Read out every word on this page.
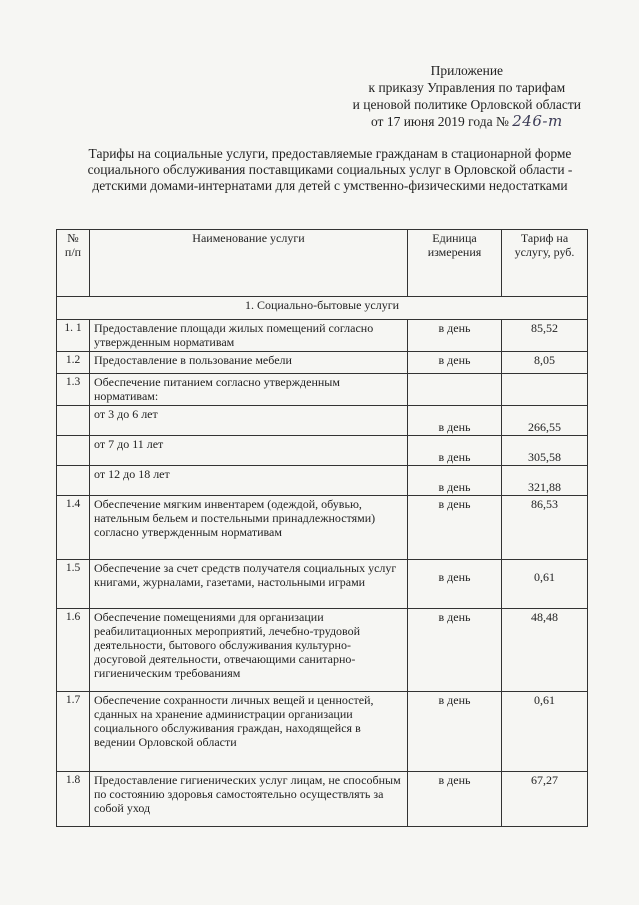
Приложение
к приказу Управления по тарифам
и ценовой политике Орловской области
от 17 июня 2019 года № 246-т
Тарифы на социальные услуги, предоставляемые гражданам в стационарной форме социального обслуживания поставщиками социальных услуг в Орловской области - детскими домами-интернатами для детей с умственно-физическими недостатками
№ п/п	Наименование услуги	Единица измерения	Тариф на услугу, руб.
1. Социально-бытовые услуги			
1. 1	Предоставление площади жилых помещений согласно утвержденным нормативам	в день	85,52
1.2	Предоставление в пользование мебели	в день	8,05
1.3	Обеспечение питанием согласно утвержденным нормативам:		
	от 3 до 6 лет	в день	266,55
	от 7 до 11 лет	в день	305,58
	от 12 до 18 лет	в день	321,88
1.4	Обеспечение мягким инвентарем (одеждой, обувью, нательным бельем и постельными принадлежностями) согласно утвержденным нормативам	в день	86,53
1.5	Обеспечение за счет средств получателя социальных услуг книгами, журналами, газетами, настольными играми	в день	0,61
1.6	Обеспечение помещениями для организации реабилитационных мероприятий, лечебно-трудовой деятельности, бытового обслуживания культурно-досуговой деятельности, отвечающими санитарно-гигиеническим требованиям	в день	48,48
1.7	Обеспечение сохранности личных вещей и ценностей, сданных на хранение администрации организации социального обслуживания граждан, находящейся в ведении Орловской области	в день	0,61
1.8	Предоставление гигиенических услуг лицам, не способным по состоянию здоровья самостоятельно осуществлять за собой уход	в день	67,27
